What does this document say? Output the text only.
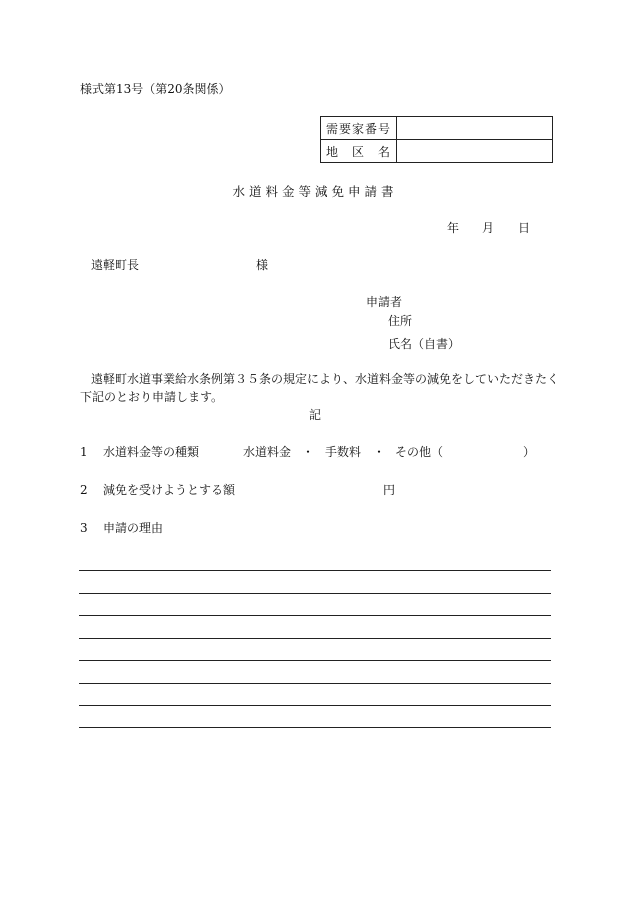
様式第13号（第20条関係）
需要家番号	
地　区　名	
水道料金等減免申請書
年 月 日
遠軽町長	様
申請者
住所
氏名（自書）
遠軽町水道事業給水条例第３５条の規定により、水道料金等の減免をしていただきたく
下記のとおり申請します。
記
1 水道料金等の種類	水道料金 ・ 手数料 ・ その他（	）
2 減免を受けようとする額	円
3 申請の理由
